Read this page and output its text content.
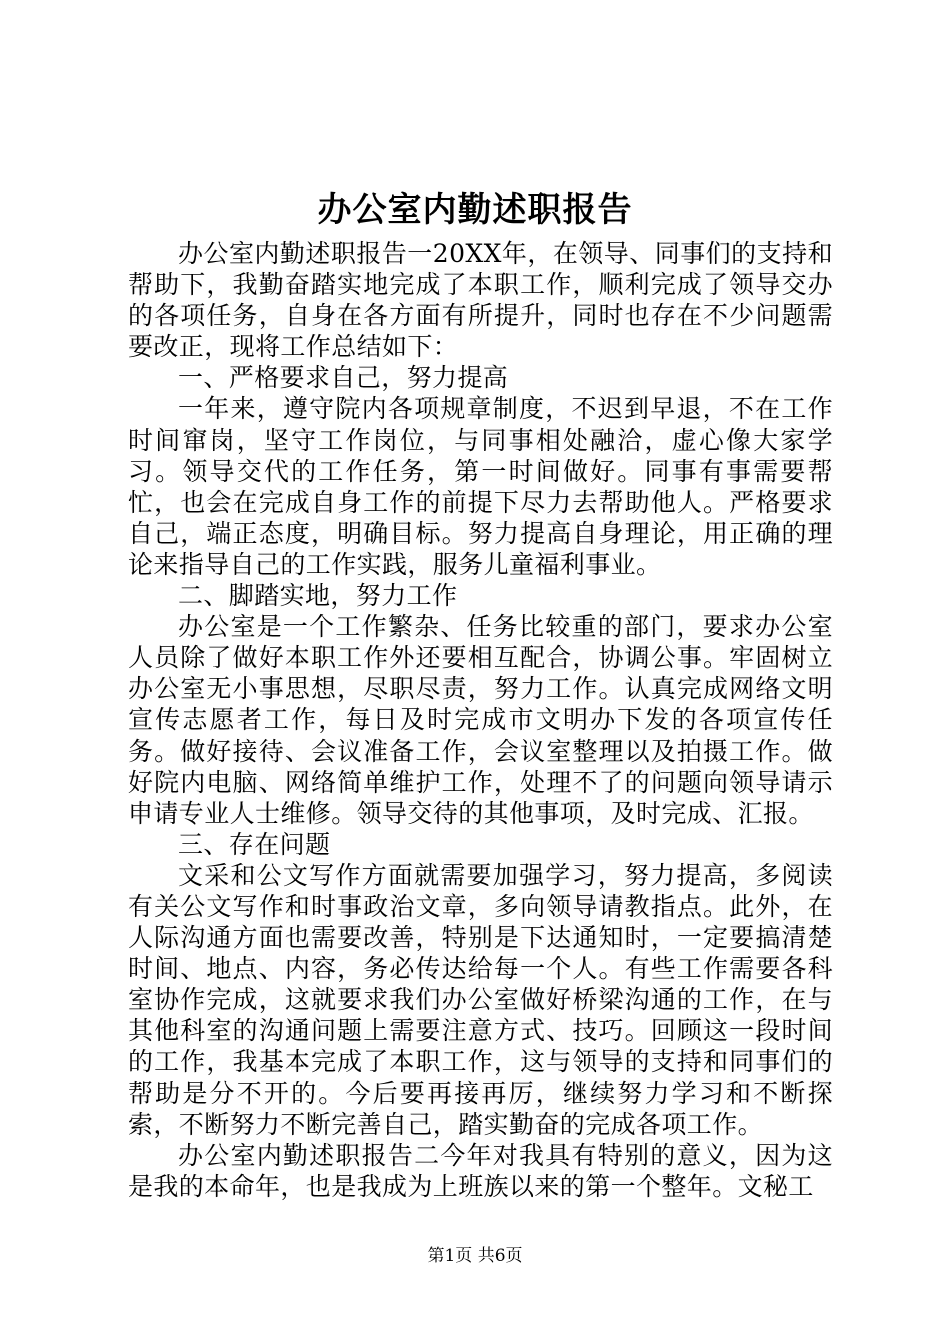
办公室内勤述职报告

办公室内勤述职报告一20XX年，在领导、同事们的支持和帮助下，我勤奋踏实地完成了本职工作，顺利完成了领导交办的各项任务，自身在各方面有所提升，同时也存在不少问题需要改正，现将工作总结如下：

一、严格要求自己，努力提高

一年来，遵守院内各项规章制度，不迟到早退，不在工作时间窜岗，坚守工作岗位，与同事相处融洽，虚心像大家学习。领导交代的工作任务，第一时间做好。同事有事需要帮忙，也会在完成自身工作的前提下尽力去帮助他人。严格要求自己，端正态度，明确目标。努力提高自身理论，用正确的理论来指导自己的工作实践，服务儿童福利事业。

二、脚踏实地，努力工作

办公室是一个工作繁杂、任务比较重的部门，要求办公室人员除了做好本职工作外还要相互配合，协调公事。牢固树立办公室无小事思想，尽职尽责，努力工作。认真完成网络文明宣传志愿者工作，每日及时完成市文明办下发的各项宣传任务。做好接待、会议准备工作，会议室整理以及拍摄工作。做好院内电脑、网络简单维护工作，处理不了的问题向领导请示申请专业人士维修。领导交待的其他事项，及时完成、汇报。

三、存在问题

文采和公文写作方面就需要加强学习，努力提高，多阅读有关公文写作和时事政治文章，多向领导请教指点。此外，在人际沟通方面也需要改善，特别是下达通知时，一定要搞清楚时间、地点、内容，务必传达给每一个人。有些工作需要各科室协作完成，这就要求我们办公室做好桥梁沟通的工作，在与其他科室的沟通问题上需要注意方式、技巧。回顾这一段时间的工作，我基本完成了本职工作，这与领导的支持和同事们的帮助是分不开的。今后要再接再厉，继续努力学习和不断探索，不断努力不断完善自己，踏实勤奋的完成各项工作。

办公室内勤述职报告二今年对我具有特别的意义，因为这是我的本命年，也是我成为上班族以来的第一个整年。文秘工

第1页 共6页
